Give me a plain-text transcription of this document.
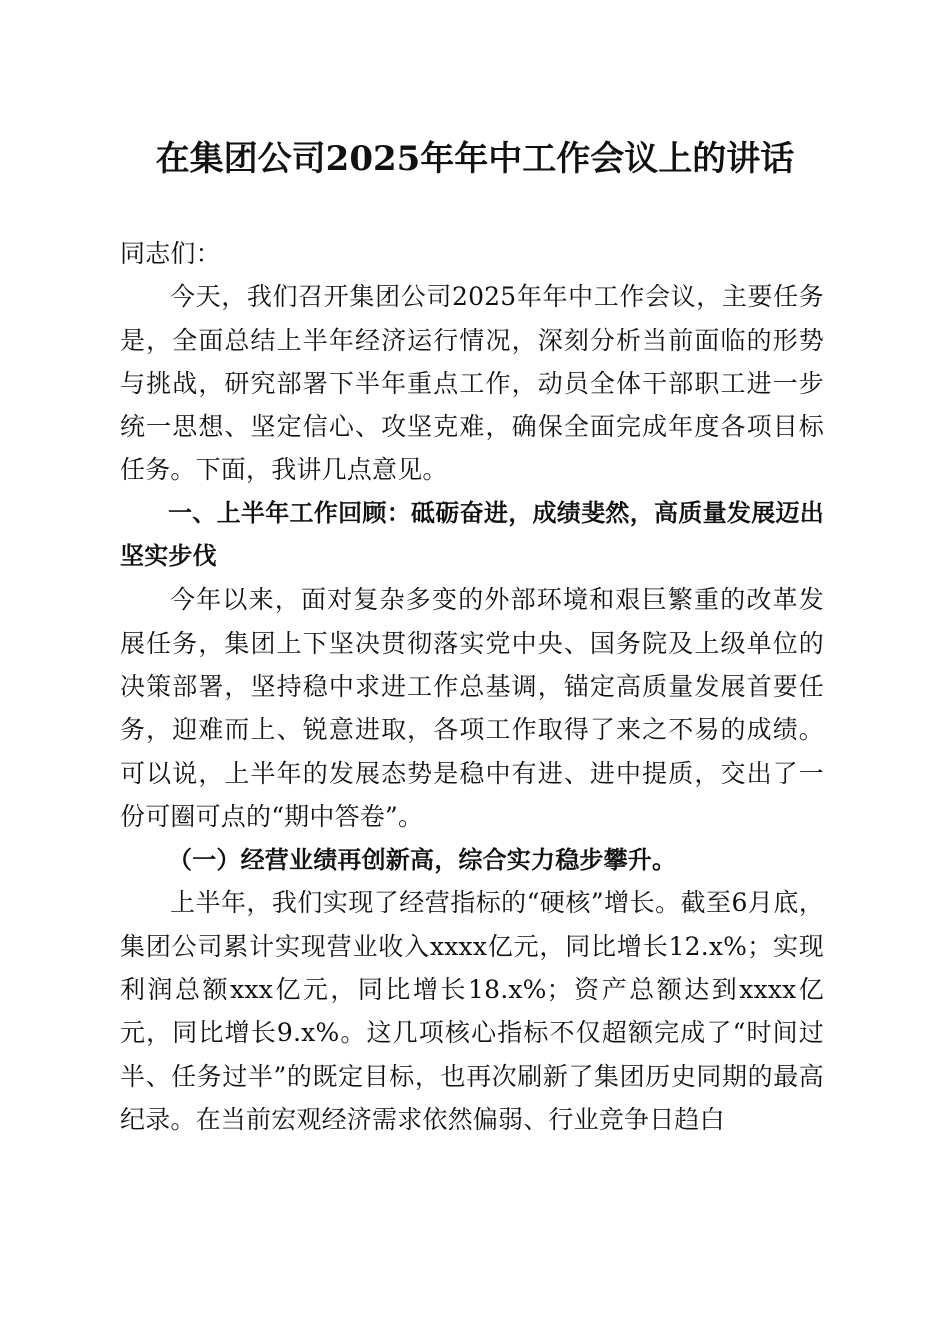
在集团公司2025年年中工作会议上的讲话

同志们：

今天，我们召开集团公司2025年年中工作会议，主要任务是，全面总结上半年经济运行情况，深刻分析当前面临的形势与挑战，研究部署下半年重点工作，动员全体干部职工进一步统一思想、坚定信心、攻坚克难，确保全面完成年度各项目标任务。下面，我讲几点意见。

一、上半年工作回顾：砥砺奋进，成绩斐然，高质量发展迈出坚实步伐

今年以来，面对复杂多变的外部环境和艰巨繁重的改革发展任务，集团上下坚决贯彻落实党中央、国务院及上级单位的决策部署，坚持稳中求进工作总基调，锚定高质量发展首要任务，迎难而上、锐意进取，各项工作取得了来之不易的成绩。可以说，上半年的发展态势是稳中有进、进中提质，交出了一份可圈可点的“期中答卷”。

（一）经营业绩再创新高，综合实力稳步攀升。

上半年，我们实现了经营指标的“硬核”增长。截至6月底，集团公司累计实现营业收入xxxx亿元，同比增长12.x%；实现利润总额xxx亿元，同比增长18.x%；资产总额达到xxxx亿元，同比增长9.x%。这几项核心指标不仅超额完成了“时间过半、任务过半”的既定目标，也再次刷新了集团历史同期的最高纪录。在当前宏观经济需求依然偏弱、行业竞争日趋白
